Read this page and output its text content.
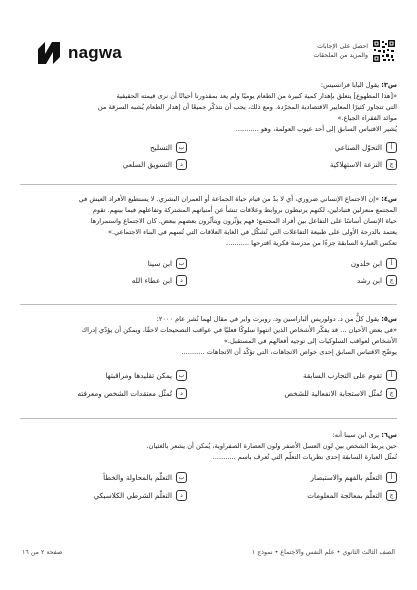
nagwa	احصل على الإجابات
والمزيد من الملحقات
س٣: يقول البابا فرانسيس:
«[هذا المطهوع] يتعلق بإهدار كمية كبيرة من الطعام يوميًا ولم يعد بمقدورنا أحيانًا أن نرى قيمته الحقيقية
التي تتجاوز كثيرًا المعايير الاقتصادية المجرّدة. ومع ذلك، يجب أن نتذكّر جميعًا أن إهدار الطعام يُشبه السرقة من
موائد الفقراء الجياع.»
يُشير الاقتباس السابق إلى أحد عيوب العولمة، وهو ...........
أ
التحوّل الصناعي
ب
التسليح
ج
النزعة الاستهلاكية
د
التسويق السلعي
س٤: «إن الاجتماع الإنساني ضروري، أي لا بدّ من قيام حياة الجماعة أو العمران البشري. لا يستطيع الأفراد العيش في
المجتمع منعزلين فتبادلين، لكنهم يرتبطون بروابط وعلاقات تنشأ عن أمنياتهم المشتركة وتفاعلهم فيما بينهم. تقوم
حياة الإنسان أساسًا على التفاعل بين أفراد المجتمع؛ فهم يؤثّرون ويتأثّرون بعضهم ببعض. كان الاجتماع واستمرارها
يعتمد بالدرجة الأولى على طبيعة التفاعلات التي تُشكّل في الغاية العلاقات التي تُسهم في البناء الاجتماعي.»
تعكس العبارة السابقة جزءًا من مدرسة فكرية اقترحها ...........
أ
ابن خلدون
ب
ابن سينا
ج
ابن رشد
د
ابن عطاء الله
س٥: يقول كلٌّ من د. دولوريس ألباراسين ود. روبرت واير في مقال لهما نُشر عام ٢٠٠٠:
«في بعض الأحيان ... قد يفكّر الأشخاص الذين انتهوا سلوكًا فعليًا في عواقب التصحيحات لاحقًا، ويمكن أن يؤدّي إدراك
الأشخاص لعواقب السلوكيات إلى توجيه أفعالهم في المستقبل.»
يوضّح الاقتباس السابق إحدى خواص الاتجاهات، التي تؤكّد أن الاتجاهات ...........
أ
تقوم على التجارب السابقة
ب
يمكن تقليدها ومراقبتها
ج
تُمثّل الاستجابة الانفعالية للشخص
د
تُمثّل معتقدات الشخص ومعرفته
س٦: يرى ابن سينا أنه:
حين يربط الشخص بين لون العسل الأصفر ولون العصارة الصفراوية، يُمكن أن يشعر بالغثيان.
تُمثّل العبارة السابقة إحدى نظريات التعلّم التي تُعرف باسم ...........
أ
التعلّم بالفهم والاستبصار
ب
التعلّم بالمحاولة والخطأ
ج
التعلّم بمعالجة المعلومات
د
التعلّم الشرطي الكلاسيكي
الصف الثالث الثانوي • علم النفس والاجتماع • نموذج ١
صفحة ٢ من ١٦
